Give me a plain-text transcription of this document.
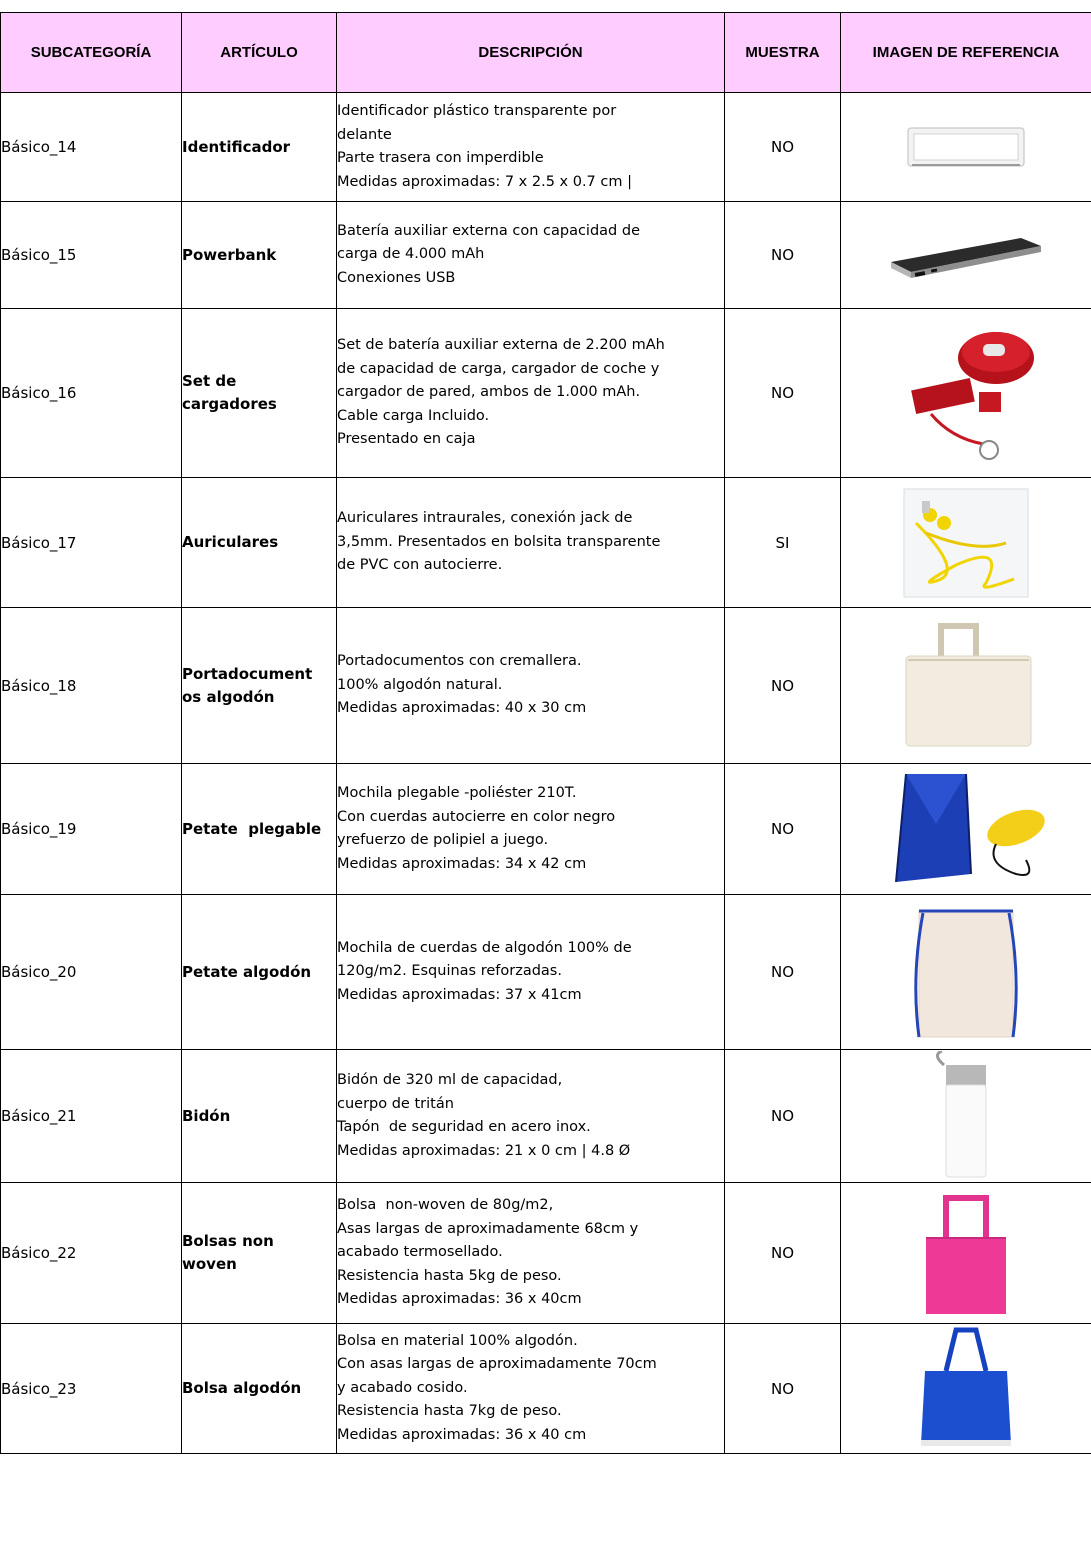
SUBCATEGORÍA	ARTÍCULO	DESCRIPCIÓN	MUESTRA	IMAGEN DE REFERENCIA
Básico_14	Identificador	Identificador plástico transparente por
delante
Parte trasera con imperdible
Medidas aproximadas: 7 x 2.5 x 0.7 cm |	NO	

Básico_15	Powerbank	Batería auxiliar externa con capacidad de
carga de 4.000 mAh
Conexiones USB	NO	

Básico_16	Set de
cargadores	Set de batería auxiliar externa de 2.200 mAh
de capacidad de carga, cargador de coche y
cargador de pared, ambos de 1.000 mAh.
Cable carga Incluido.
Presentado en caja	NO	

Básico_17	Auriculares	Auriculares intraurales, conexión jack de
3,5mm. Presentados en bolsita transparente
de PVC con autocierre.	SI	

Básico_18	Portadocument
os algodón	Portadocumentos con cremallera.
100% algodón natural.
Medidas aproximadas: 40 x 30 cm	NO	

Básico_19	Petate  plegable	Mochila plegable -poliéster 210T.
Con cuerdas autocierre en color negro
yrefuerzo de polipiel a juego.
Medidas aproximadas: 34 x 42 cm	NO	

Básico_20	Petate algodón	Mochila de cuerdas de algodón 100% de
120g/m2. Esquinas reforzadas.
Medidas aproximadas: 37 x 41cm	NO	

Básico_21	Bidón	Bidón de 320 ml de capacidad,
cuerpo de tritán
Tapón  de seguridad en acero inox.
Medidas aproximadas: 21 x 0 cm | 4.8 Ø	NO	

Básico_22	Bolsas non
woven	Bolsa  non-woven de 80g/m2,
Asas largas de aproximadamente 68cm y
acabado termosellado.
Resistencia hasta 5kg de peso.
Medidas aproximadas: 36 x 40cm	NO	

Básico_23	Bolsa algodón	Bolsa en material 100% algodón.
Con asas largas de aproximadamente 70cm
y acabado cosido.
Resistencia hasta 7kg de peso.
Medidas aproximadas: 36 x 40 cm	NO	
